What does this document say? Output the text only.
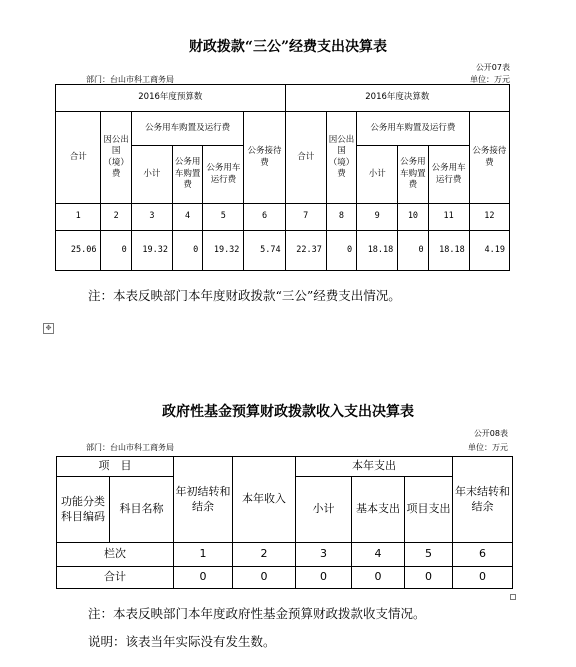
财政拨款“三公”经费支出决算表
公开07表
部门：台山市科工商务局	单位：万元
2016年度预算数						2016年度决算数					
合计	因公出国（境）费	公务用车购置及运行费			公务接待费	合计	因公出国（境）费	公务用车购置及运行费			公务接待费
		小计	公务用车购置费	公务用车运行费				小计	公务用车购置费	公务用车运行费	
1	2	3	4	5	6	7	8	9	10	11	12
25.06	0	19.32	0	19.32	5.74	22.37	0	18.18	0	18.18	4.19
注：本表反映部门本年度财政拨款“三公”经费支出情况。
✥
政府性基金预算财政拨款收入支出决算表
公开08表
部门：台山市科工商务局	单位：万元
项　目		年初结转和结余	本年收入	本年支出			年末结转和结余
功能分类科目编码	科目名称			小计	基本支出	项目支出	
栏次		1	2	3	4	5	6
合计		0	0	0	0	0	0
注：本表反映部门本年度政府性基金预算财政拨款收支情况。
说明：该表当年实际没有发生数。
